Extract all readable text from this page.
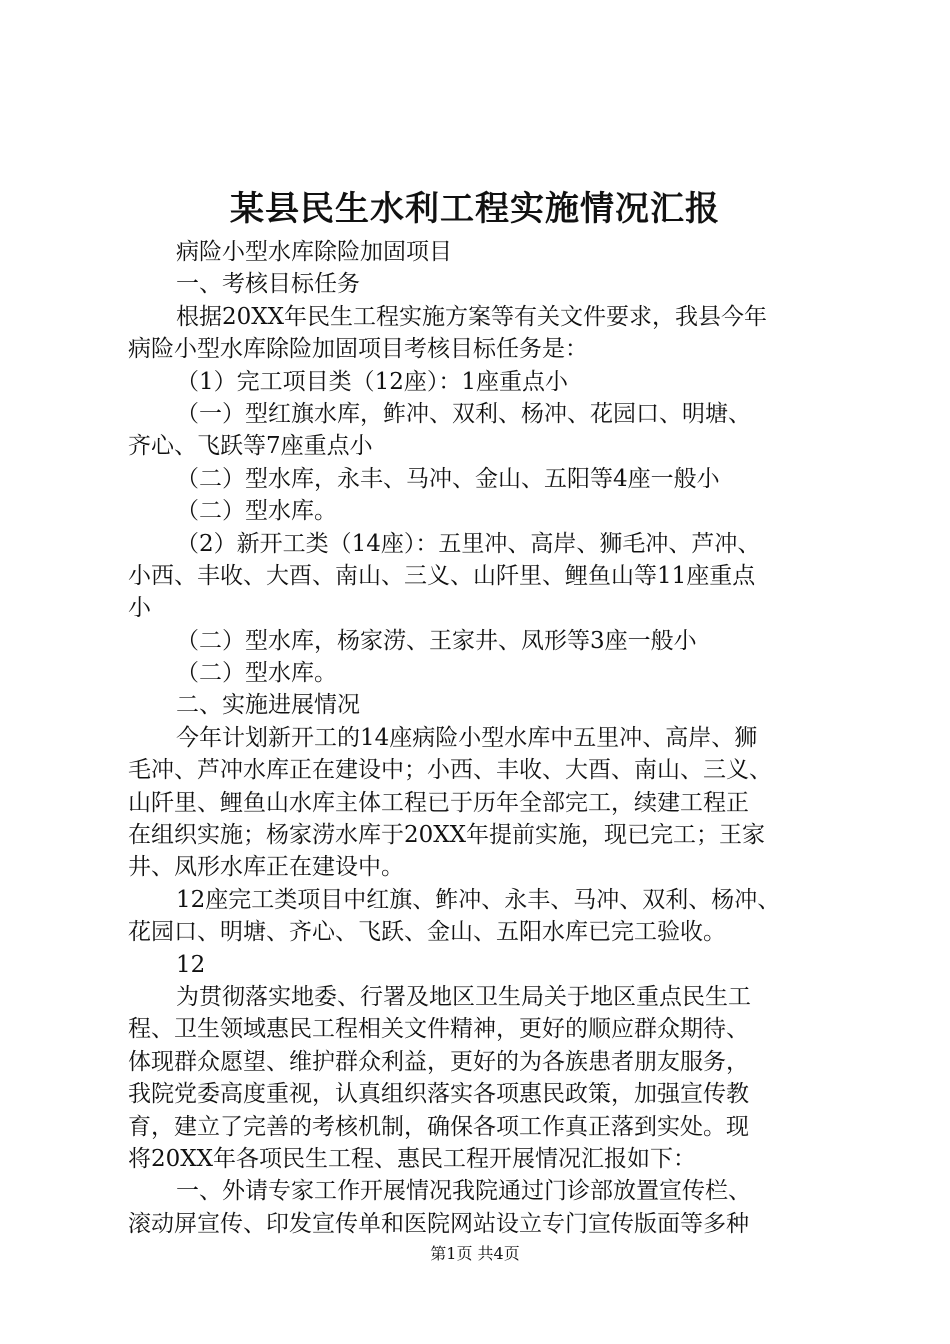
某县民生水利工程实施情况汇报
病险小型水库除险加固项目
一、考核目标任务
根据20XX年民生工程实施方案等有关文件要求，我县今年
病险小型水库除险加固项目考核目标任务是：
（1）完工项目类（12座）：1座重点小
（一）型红旗水库，鲊冲、双利、杨冲、花园口、明塘、
齐心、飞跃等7座重点小
（二）型水库，永丰、马冲、金山、五阳等4座一般小
（二）型水库。
（2）新开工类（14座）：五里冲、高岸、狮毛冲、芦冲、
小西、丰收、大酉、南山、三义、山阡里、鲤鱼山等11座重点
小
（二）型水库，杨家涝、王家井、凤形等3座一般小
（二）型水库。
二、实施进展情况
今年计划新开工的14座病险小型水库中五里冲、高岸、狮
毛冲、芦冲水库正在建设中；小西、丰收、大酉、南山、三义、
山阡里、鲤鱼山水库主体工程已于历年全部完工，续建工程正
在组织实施；杨家涝水库于20XX年提前实施，现已完工；王家
井、凤形水库正在建设中。
12座完工类项目中红旗、鲊冲、永丰、马冲、双利、杨冲、
花园口、明塘、齐心、飞跃、金山、五阳水库已完工验收。
12
为贯彻落实地委、行署及地区卫生局关于地区重点民生工
程、卫生领域惠民工程相关文件精神，更好的顺应群众期待、
体现群众愿望、维护群众利益，更好的为各族患者朋友服务，
我院党委高度重视，认真组织落实各项惠民政策，加强宣传教
育，建立了完善的考核机制，确保各项工作真正落到实处。现
将20XX年各项民生工程、惠民工程开展情况汇报如下：
一、外请专家工作开展情况我院通过门诊部放置宣传栏、
滚动屏宣传、印发宣传单和医院网站设立专门宣传版面等多种
第1页 共4页
